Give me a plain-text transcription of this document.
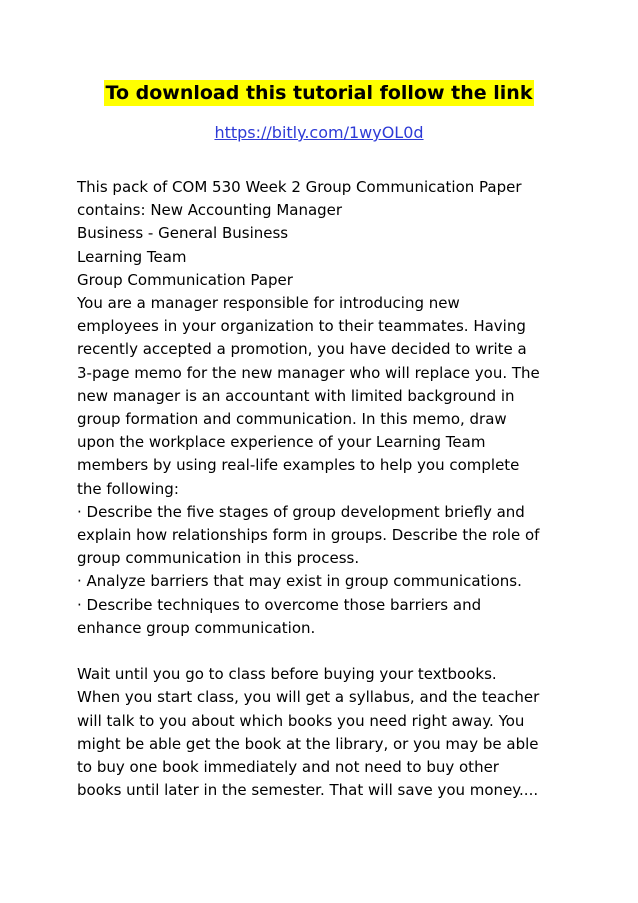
To download this tutorial follow the link
https://bitly.com/1wyOL0d
This pack of COM 530 Week 2 Group Communication Paper
contains: New Accounting Manager
Business - General Business
Learning Team
Group Communication Paper
You are a manager responsible for introducing new
employees in your organization to their teammates. Having
recently accepted a promotion, you have decided to write a
3-page memo for the new manager who will replace you. The
new manager is an accountant with limited background in
group formation and communication. In this memo, draw
upon the workplace experience of your Learning Team
members by using real-life examples to help you complete
the following:
· Describe the five stages of group development briefly and
explain how relationships form in groups. Describe the role of
group communication in this process.
· Analyze barriers that may exist in group communications.
· Describe techniques to overcome those barriers and
enhance group communication.
Wait until you go to class before buying your textbooks.
When you start class, you will get a syllabus, and the teacher
will talk to you about which books you need right away. You
might be able get the book at the library, or you may be able
to buy one book immediately and not need to buy other
books until later in the semester. That will save you money....
